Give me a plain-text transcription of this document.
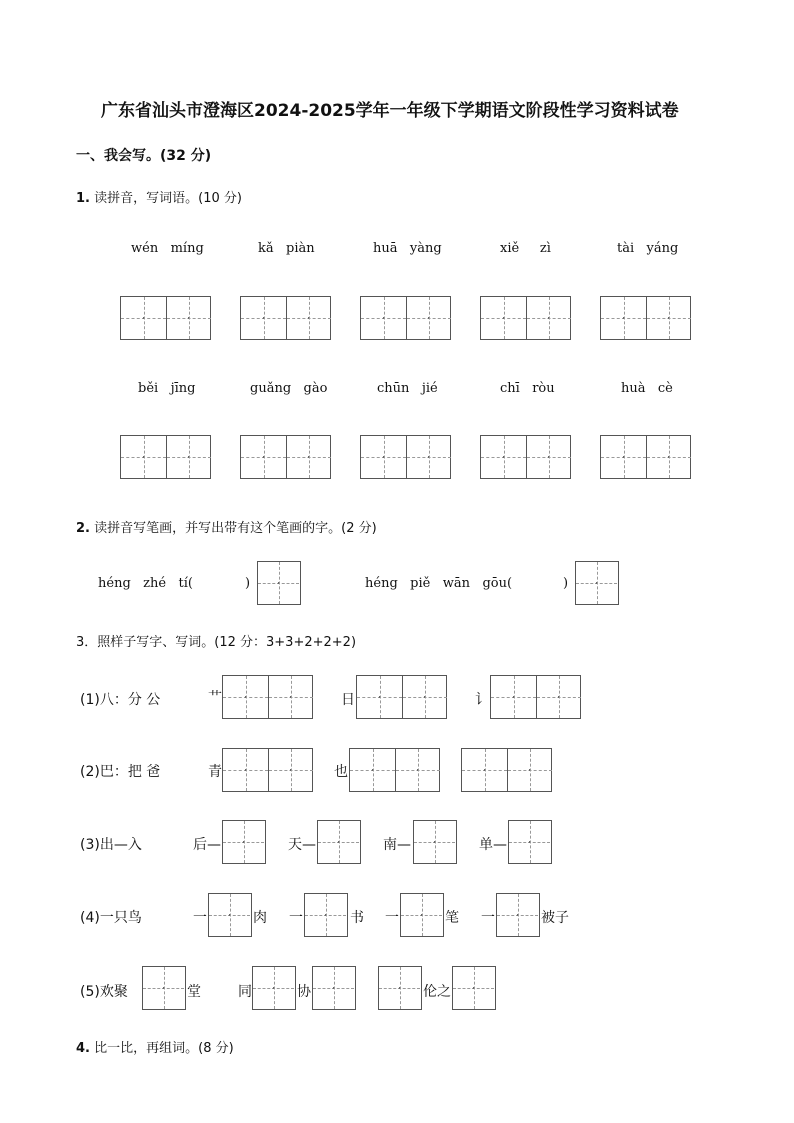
广东省汕头市澄海区2024-2025学年一年级下学期语文阶段性学习资料试卷
一、我会写。(32 分)
1. 读拼音，写词语。(10 分)
wén míng	kǎ piàn	huā yàng	xiě zì	tài yáng
běi jīng	guǎng gào	chūn jié	chī ròu	huà cè
2. 读拼音写笔画，并写出带有这个笔画的字。(2 分)
héng zhé tí(	)	héng piě wān gōu(	)
3．照样子写字、写词。(12 分：3+3+2+2+2)
(1)八：分 公	艹	日	讠
(2)巴：把 爸	青	也
(3)出—入	后—	天—	南—	单—
(4)一只鸟	一	肉 一	书 一	笔 一	被子
(5)欢聚	堂	同	协	伦之
4. 比一比，再组词。(8 分)
